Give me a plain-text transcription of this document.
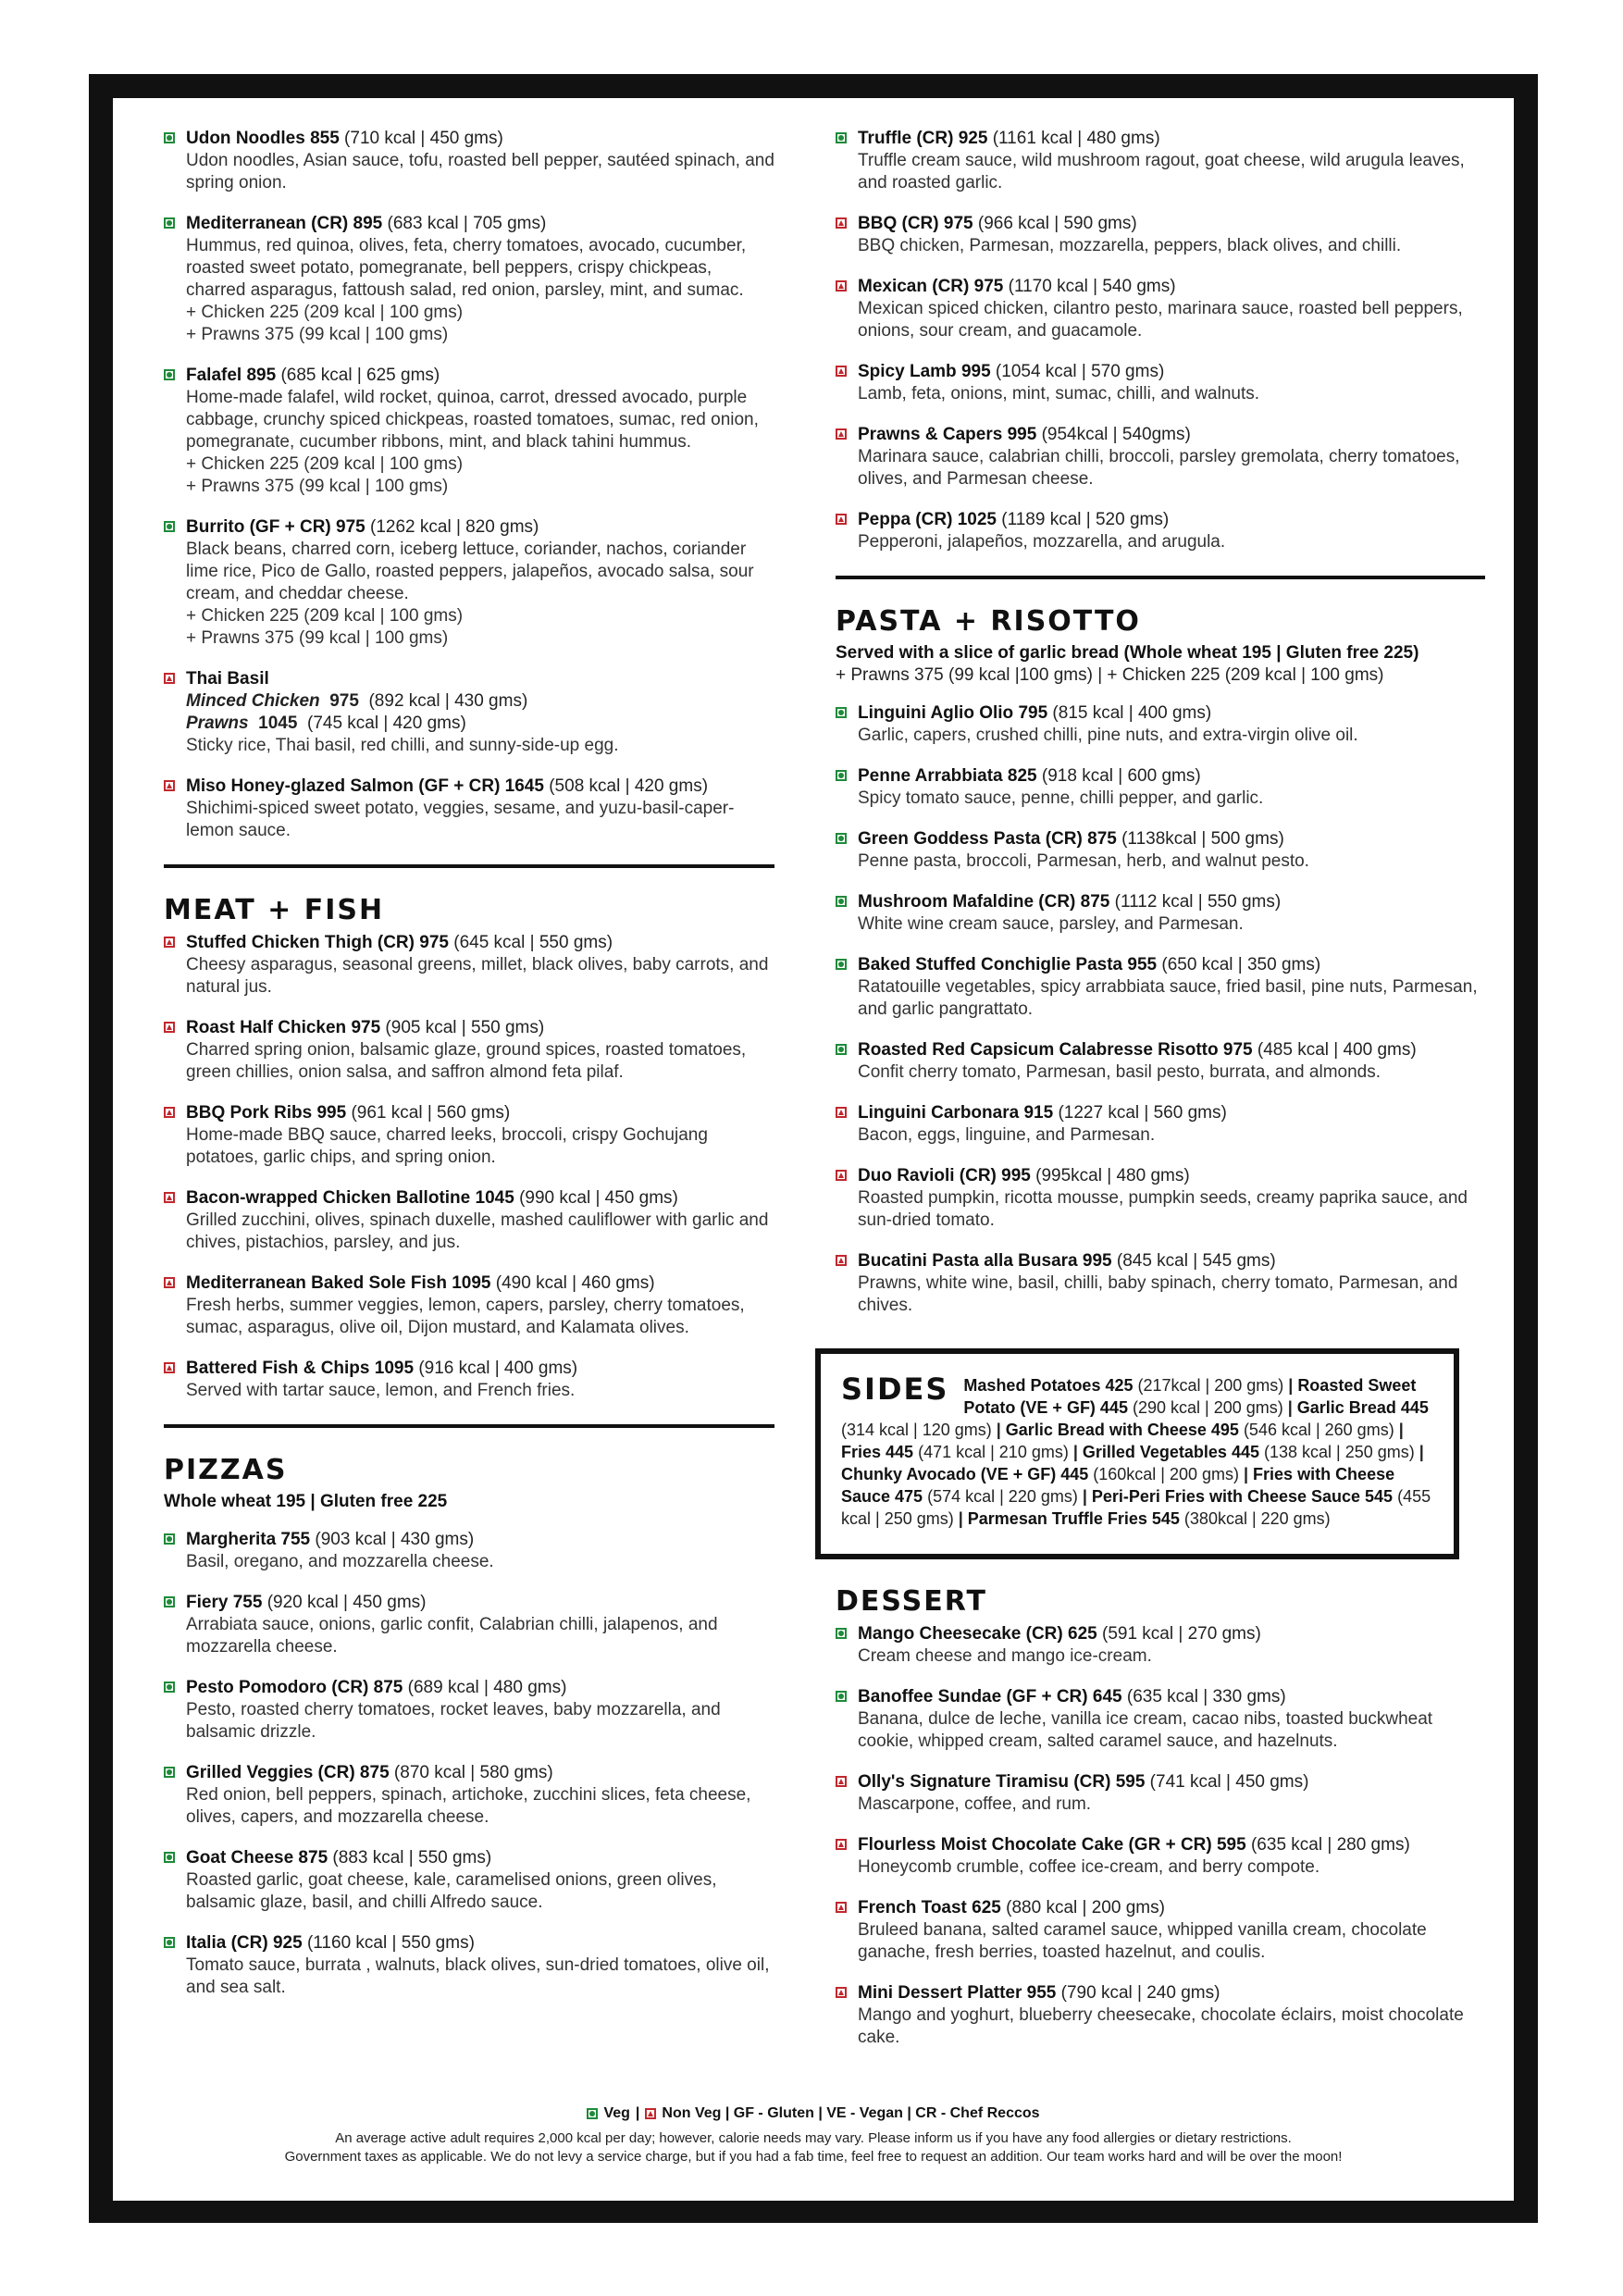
Udon Noodles 855 (710 kcal | 450 gms)
Udon noodles, Asian sauce, tofu, roasted bell pepper, sautéed spinach, and spring onion.
Mediterranean (CR) 895 (683 kcal | 705 gms)
Hummus, red quinoa, olives, feta, cherry tomatoes, avocado, cucumber, roasted sweet potato, pomegranate, bell peppers, crispy chickpeas, charred asparagus, fattoush salad, red onion, parsley, mint, and sumac.
+ Chicken 225 (209 kcal | 100 gms)
+ Prawns 375 (99 kcal | 100 gms)
Falafel 895 (685 kcal | 625 gms)
Home-made falafel, wild rocket, quinoa, carrot, dressed avocado, purple cabbage, crunchy spiced chickpeas, roasted tomatoes, sumac, red onion, pomegranate, cucumber ribbons, mint, and black tahini hummus.
+ Chicken 225 (209 kcal | 100 gms)
+ Prawns 375 (99 kcal | 100 gms)
Burrito (GF + CR) 975 (1262 kcal | 820 gms)
Black beans, charred corn, iceberg lettuce, coriander, nachos, coriander lime rice, Pico de Gallo, roasted peppers, jalapeños, avocado salsa, sour cream, and cheddar cheese.
+ Chicken 225 (209 kcal | 100 gms)
+ Prawns 375 (99 kcal | 100 gms)
Thai Basil
Minced Chicken 975 (892 kcal | 430 gms)
Prawns 1045 (745 kcal | 420 gms)
Sticky rice, Thai basil, red chilli, and sunny-side-up egg.
Miso Honey-glazed Salmon (GF + CR) 1645 (508 kcal | 420 gms)
Shichimi-spiced sweet potato, veggies, sesame, and yuzu-basil-caper-lemon sauce.
MEAT + FISH
Stuffed Chicken Thigh (CR) 975 (645 kcal | 550 gms)
Cheesy asparagus, seasonal greens, millet, black olives, baby carrots, and natural jus.
Roast Half Chicken 975 (905 kcal | 550 gms)
Charred spring onion, balsamic glaze, ground spices, roasted tomatoes, green chillies, onion salsa, and saffron almond feta pilaf.
BBQ Pork Ribs 995 (961 kcal | 560 gms)
Home-made BBQ sauce, charred leeks, broccoli, crispy Gochujang potatoes, garlic chips, and spring onion.
Bacon-wrapped Chicken Ballotine 1045 (990 kcal | 450 gms)
Grilled zucchini, olives, spinach duxelle, mashed cauliflower with garlic and chives, pistachios, parsley, and jus.
Mediterranean Baked Sole Fish 1095 (490 kcal | 460 gms)
Fresh herbs, summer veggies, lemon, capers, parsley, cherry tomatoes, sumac, asparagus, olive oil, Dijon mustard, and Kalamata olives.
Battered Fish & Chips 1095 (916 kcal | 400 gms)
Served with tartar sauce, lemon, and French fries.
PIZZAS
Whole wheat 195 | Gluten free 225
Margherita 755 (903 kcal | 430 gms)
Basil, oregano, and mozzarella cheese.
Fiery 755 (920 kcal | 450 gms)
Arrabiata sauce, onions, garlic confit, Calabrian chilli, jalapenos, and mozzarella cheese.
Pesto Pomodoro (CR) 875 (689 kcal | 480 gms)
Pesto, roasted cherry tomatoes, rocket leaves, baby mozzarella, and balsamic drizzle.
Grilled Veggies (CR) 875 (870 kcal | 580 gms)
Red onion, bell peppers, spinach, artichoke, zucchini slices, feta cheese, olives, capers, and mozzarella cheese.
Goat Cheese 875 (883 kcal | 550 gms)
Roasted garlic, goat cheese, kale, caramelised onions, green olives, balsamic glaze, basil, and chilli Alfredo sauce.
Italia (CR) 925 (1160 kcal | 550 gms)
Tomato sauce, burrata , walnuts, black olives, sun-dried tomatoes, olive oil, and sea salt.
Truffle (CR) 925 (1161 kcal | 480 gms)
Truffle cream sauce, wild mushroom ragout, goat cheese, wild arugula leaves, and roasted garlic.
BBQ (CR) 975 (966 kcal | 590 gms)
BBQ chicken, Parmesan, mozzarella, peppers, black olives, and chilli.
Mexican (CR) 975 (1170 kcal | 540 gms)
Mexican spiced chicken, cilantro pesto, marinara sauce, roasted bell peppers, onions, sour cream, and guacamole.
Spicy Lamb 995 (1054 kcal | 570 gms)
Lamb, feta, onions, mint, sumac, chilli, and walnuts.
Prawns & Capers 995 (954kcal | 540gms)
Marinara sauce, calabrian chilli, broccoli, parsley gremolata, cherry tomatoes, olives, and Parmesan cheese.
Peppa (CR) 1025 (1189 kcal | 520 gms)
Pepperoni, jalapeños, mozzarella, and arugula.
PASTA + RISOTTO
Served with a slice of garlic bread (Whole wheat 195 | Gluten free 225)
+ Prawns 375 (99 kcal |100 gms) | + Chicken 225 (209 kcal | 100 gms)
Linguini Aglio Olio 795 (815 kcal | 400 gms)
Garlic, capers, crushed chilli, pine nuts, and extra-virgin olive oil.
Penne Arrabbiata 825 (918 kcal | 600 gms)
Spicy tomato sauce, penne, chilli pepper, and garlic.
Green Goddess Pasta (CR) 875 (1138kcal | 500 gms)
Penne pasta, broccoli, Parmesan, herb, and walnut pesto.
Mushroom Mafaldine (CR) 875 (1112 kcal | 550 gms)
White wine cream sauce, parsley, and Parmesan.
Baked Stuffed Conchiglie Pasta 955 (650 kcal | 350 gms)
Ratatouille vegetables, spicy arrabbiata sauce, fried basil, pine nuts, Parmesan, and garlic pangrattato.
Roasted Red Capsicum Calabresse Risotto 975 (485 kcal | 400 gms)
Confit cherry tomato, Parmesan, basil pesto, burrata, and almonds.
Linguini Carbonara 915 (1227 kcal | 560 gms)
Bacon, eggs, linguine, and Parmesan.
Duo Ravioli (CR) 995 (995kcal | 480 gms)
Roasted pumpkin, ricotta mousse, pumpkin seeds, creamy paprika sauce, and sun-dried tomato.
Bucatini Pasta alla Busara 995 (845 kcal | 545 gms)
Prawns, white wine, basil, chilli, baby spinach, cherry tomato, Parmesan, and chives.
SIDES Mashed Potatoes 425 (217kcal | 200 gms) | Roasted Sweet Potato (VE + GF) 445 (290 kcal | 200 gms) | Garlic Bread 445 (314 kcal | 120 gms) | Garlic Bread with Cheese 495 (546 kcal | 260 gms) | Fries 445 (471 kcal | 210 gms) | Grilled Vegetables 445 (138 kcal | 250 gms) | Chunky Avocado (VE + GF) 445 (160kcal | 200 gms) | Fries with Cheese Sauce 475 (574 kcal | 220 gms) | Peri-Peri Fries with Cheese Sauce 545 (455 kcal | 250 gms) | Parmesan Truffle Fries 545 (380kcal | 220 gms)
DESSERT
Mango Cheesecake (CR) 625 (591 kcal | 270 gms)
Cream cheese and mango ice-cream.
Banoffee Sundae (GF + CR) 645 (635 kcal | 330 gms)
Banana, dulce de leche, vanilla ice cream, cacao nibs, toasted buckwheat cookie, whipped cream, salted caramel sauce, and hazelnuts.
Olly's Signature Tiramisu (CR) 595 (741 kcal | 450 gms)
Mascarpone, coffee, and rum.
Flourless Moist Chocolate Cake (GR + CR) 595 (635 kcal | 280 gms)
Honeycomb crumble, coffee ice-cream, and berry compote.
French Toast 625 (880 kcal | 200 gms)
Bruleed banana, salted caramel sauce, whipped vanilla cream, chocolate ganache, fresh berries, toasted hazelnut, and coulis.
Mini Dessert Platter 955 (790 kcal | 240 gms)
Mango and yoghurt, blueberry cheesecake, chocolate éclairs, moist chocolate cake.
Veg | Non Veg | GF - Gluten | VE - Vegan | CR - Chef Reccos
An average active adult requires 2,000 kcal per day; however, calorie needs may vary. Please inform us if you have any food allergies or dietary restrictions.
Government taxes as applicable. We do not levy a service charge, but if you had a fab time, feel free to request an addition. Our team works hard and will be over the moon!
